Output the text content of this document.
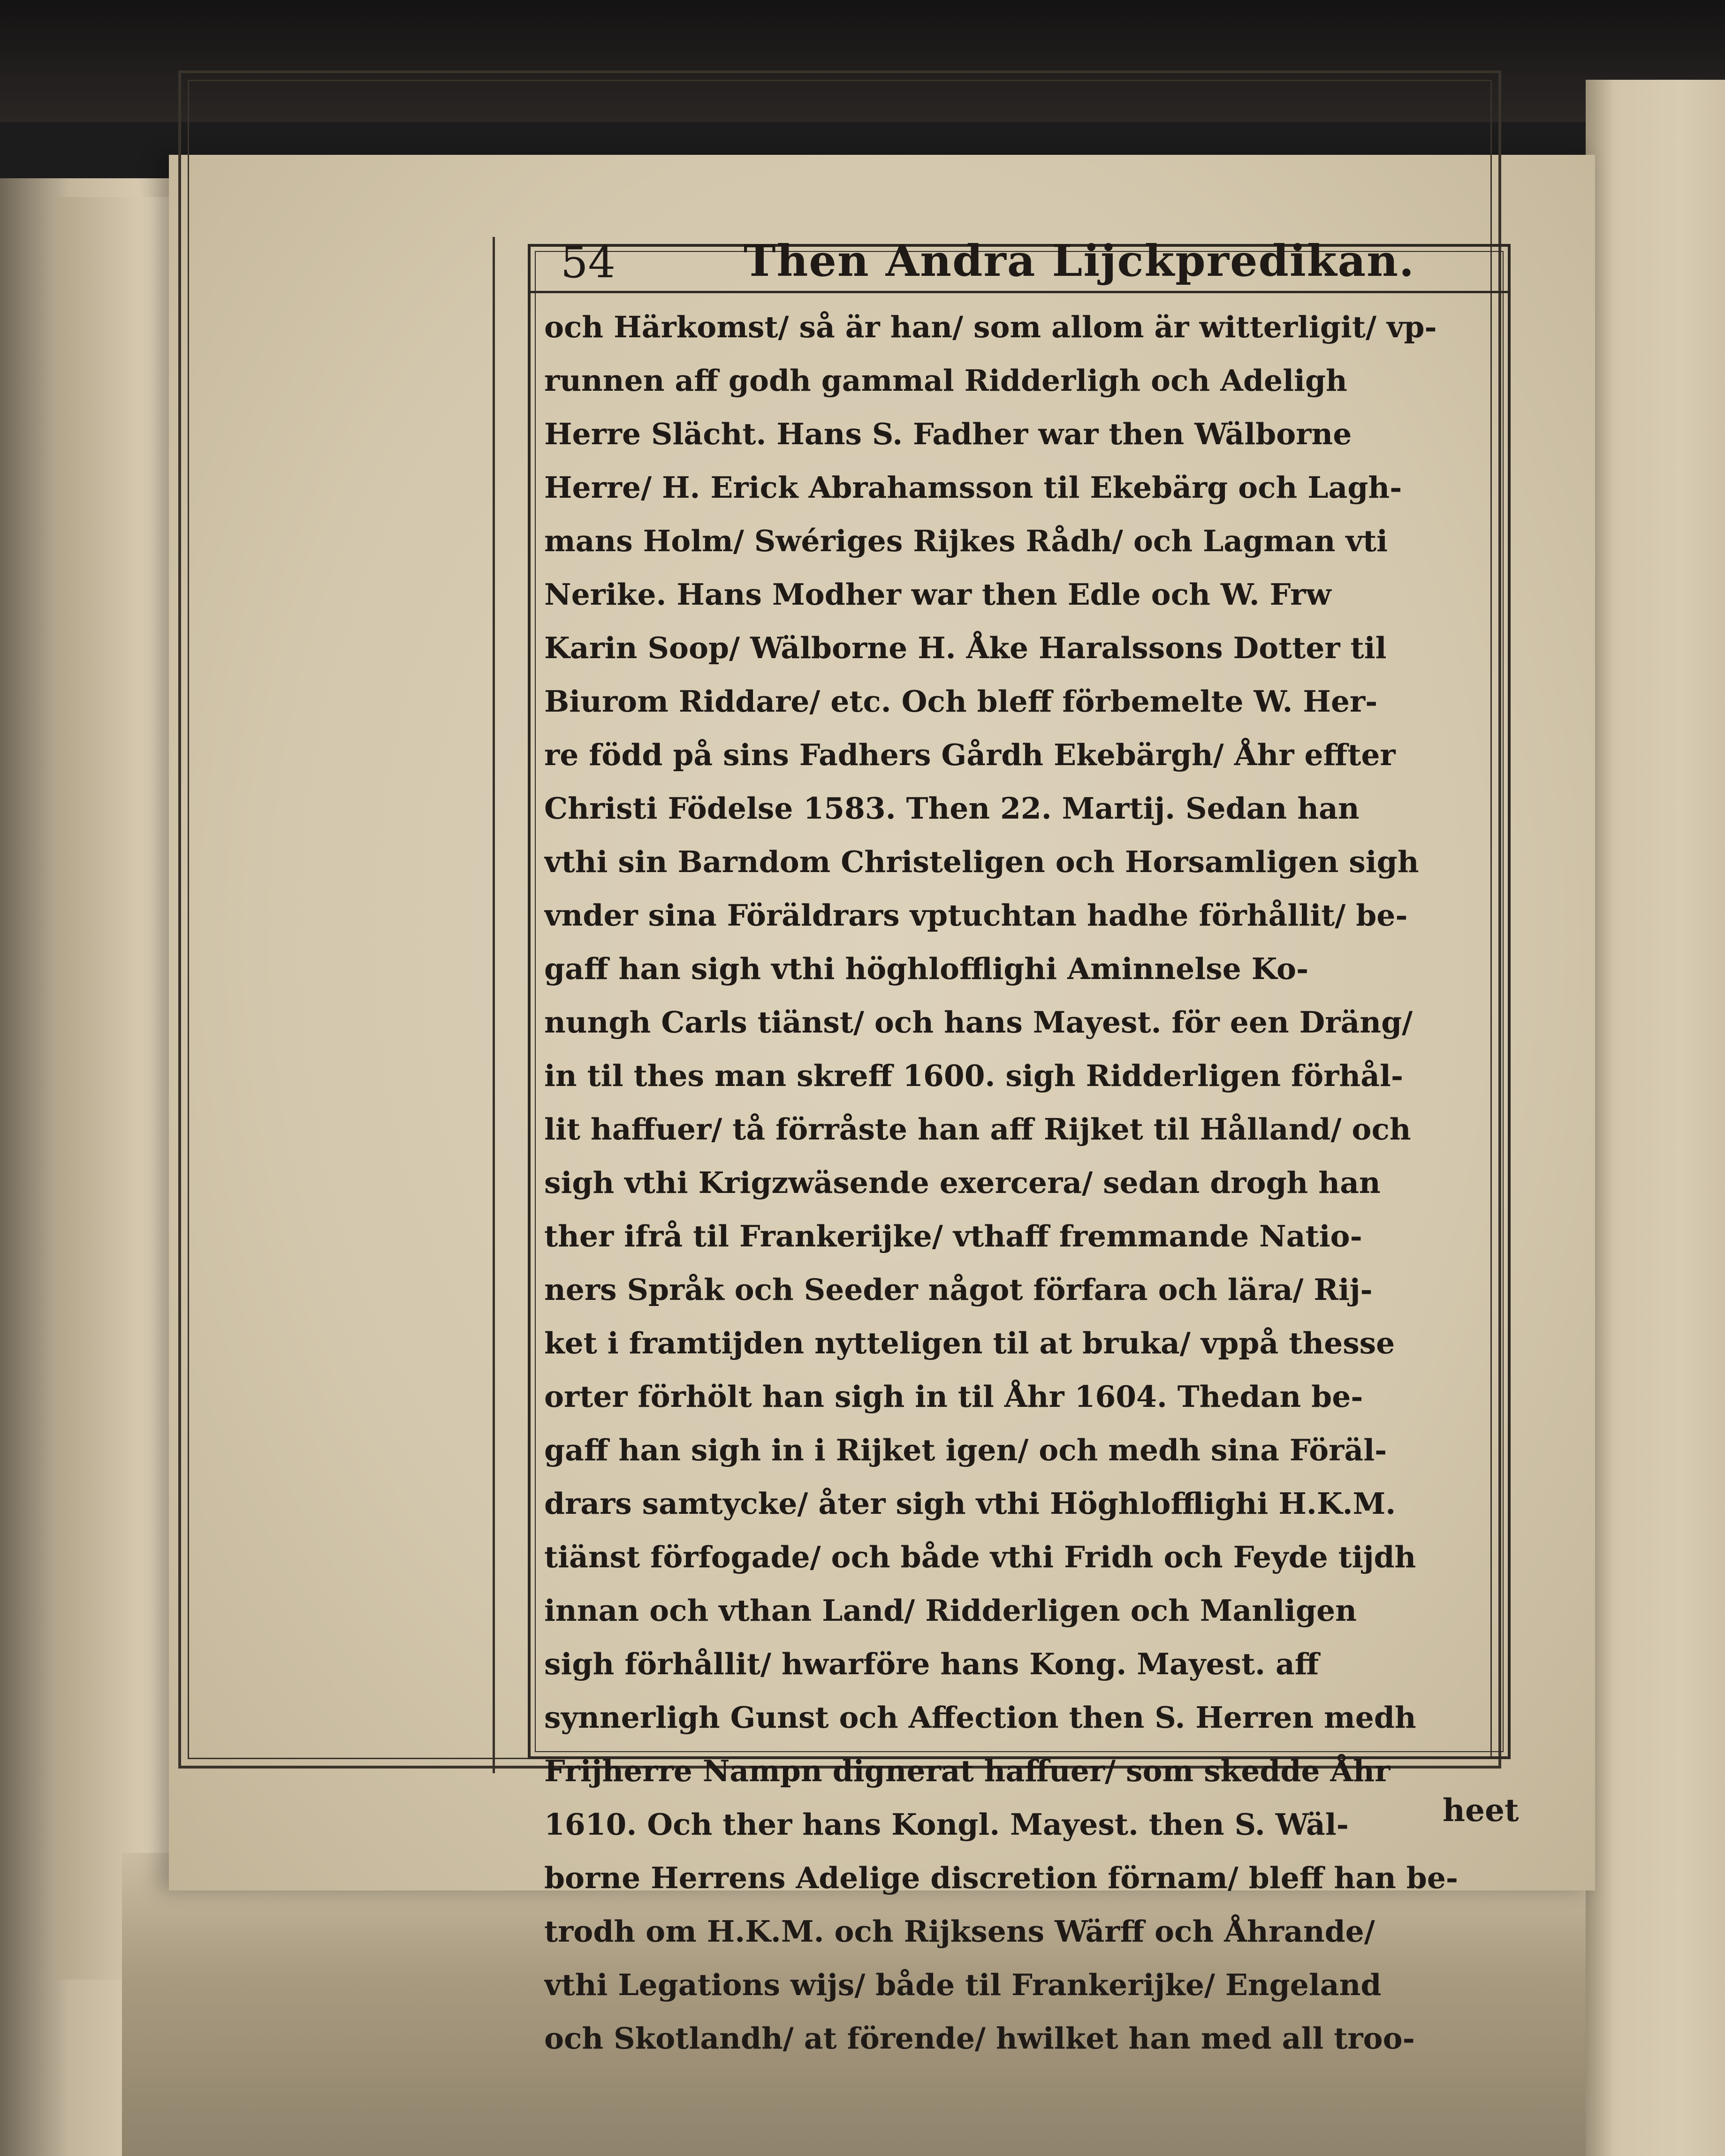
54	Then Andra Lijckpredikan.
och Härkomst/ så är han/ som allom är witterligit/ vp-
runnen aff godh gammal Ridderligh och Adeligh
Herre Slächt. Hans S. Fadher war then Wälborne
Herre/ H. Erick Abrahamsson til Ekebärg och Lagh-
mans Holm/ Swériges Rijkes Rådh/ och Lagman vti
Nerike. Hans Modher war then Edle och W. Frw
Karin Soop/ Wälborne H. Åke Haralssons Dotter til
Biurom Riddare/ etc. Och bleff förbemelte W. Her-
re född på sins Fadhers Gårdh Ekebärgh/ Åhr effter
Christi Födelse 1583. Then 22. Martij. Sedan han
vthi sin Barndom Christeligen och Horsamligen sigh
vnder sina Föräldrars vptuchtan hadhe förhållit/ be-
gaff han sigh vthi höghlofflighi Aminnelse Ko-
nungh Carls tiänst/ och hans Mayest. för een Dräng/
in til thes man skreff 1600. sigh Ridderligen förhål-
lit haffuer/ tå förråste han aff Rijket til Hålland/ och
sigh vthi Krigzwäsende exercera/ sedan drogh han
ther ifrå til Frankerijke/ vthaff fremmande Natio-
ners Språk och Seeder något förfara och lära/ Rij-
ket i framtijden nytteligen til at bruka/ vppå thesse
orter förhölt han sigh in til Åhr 1604. Thedan be-
gaff han sigh in i Rijket igen/ och medh sina Föräl-
drars samtycke/ åter sigh vthi Höghlofflighi H.K.M.
tiänst förfogade/ och både vthi Fridh och Feyde tijdh
innan och vthan Land/ Ridderligen och Manligen
sigh förhållit/ hwarföre hans Kong. Mayest. aff
synnerligh Gunst och Affection then S. Herren medh
Frijherre Nampn dignerat haffuer/ som skedde Åhr
1610. Och ther hans Kongl. Mayest. then S. Wäl-
borne Herrens Adelige discretion förnam/ bleff han be-
trodh om H.K.M. och Rijksens Wärff och Åhrande/
vthi Legations wijs/ både til Frankerijke/ Engeland
och Skotlandh/ at förende/ hwilket han med all troo-
heet
